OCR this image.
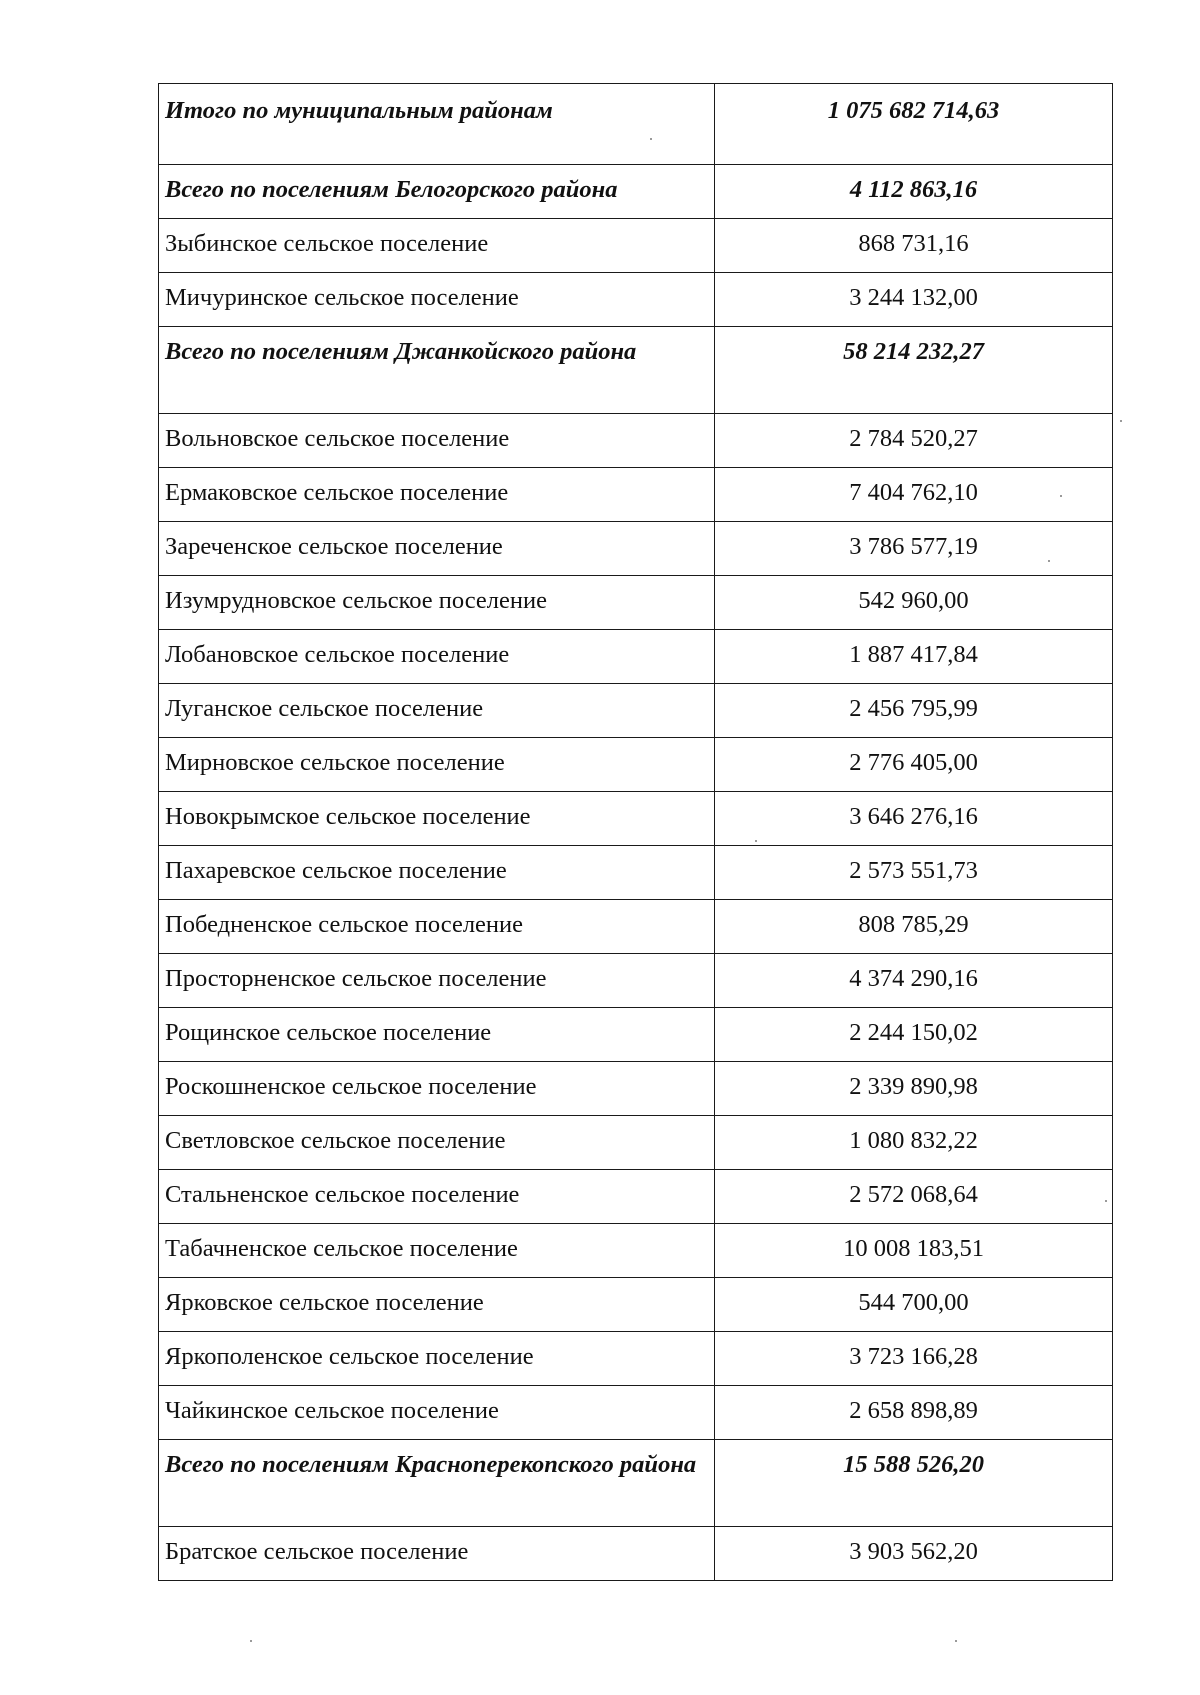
Итого по муниципальным районам	1 075 682 714,63
Всего по поселениям Белогорского района	4 112 863,16
Зыбинское сельское поселение	868 731,16
Мичуринское сельское поселение	3 244 132,00
Всего по поселениям Джанкойского района	58 214 232,27
Вольновское сельское поселение	2 784 520,27
Ермаковское сельское поселение	7 404 762,10
Зареченское сельское поселение	3 786 577,19
Изумрудновское сельское поселение	542 960,00
Лобановское сельское поселение	1 887 417,84
Луганское сельское поселение	2 456 795,99
Мирновское сельское поселение	2 776 405,00
Новокрымское сельское поселение	3 646 276,16
Пахаревское сельское поселение	2 573 551,73
Победненское сельское поселение	808 785,29
Просторненское сельское поселение	4 374 290,16
Рощинское сельское поселение	2 244 150,02
Роскошненское сельское поселение	2 339 890,98
Светловское сельское поселение	1 080 832,22
Стальненское сельское поселение	2 572 068,64
Табачненское сельское поселение	10 008 183,51
Ярковское сельское поселение	544 700,00
Яркополенское сельское поселение	3 723 166,28
Чайкинское сельское поселение	2 658 898,89
Всего по поселениям Красноперекопского района	15 588 526,20
Братское сельское поселение	3 903 562,20
